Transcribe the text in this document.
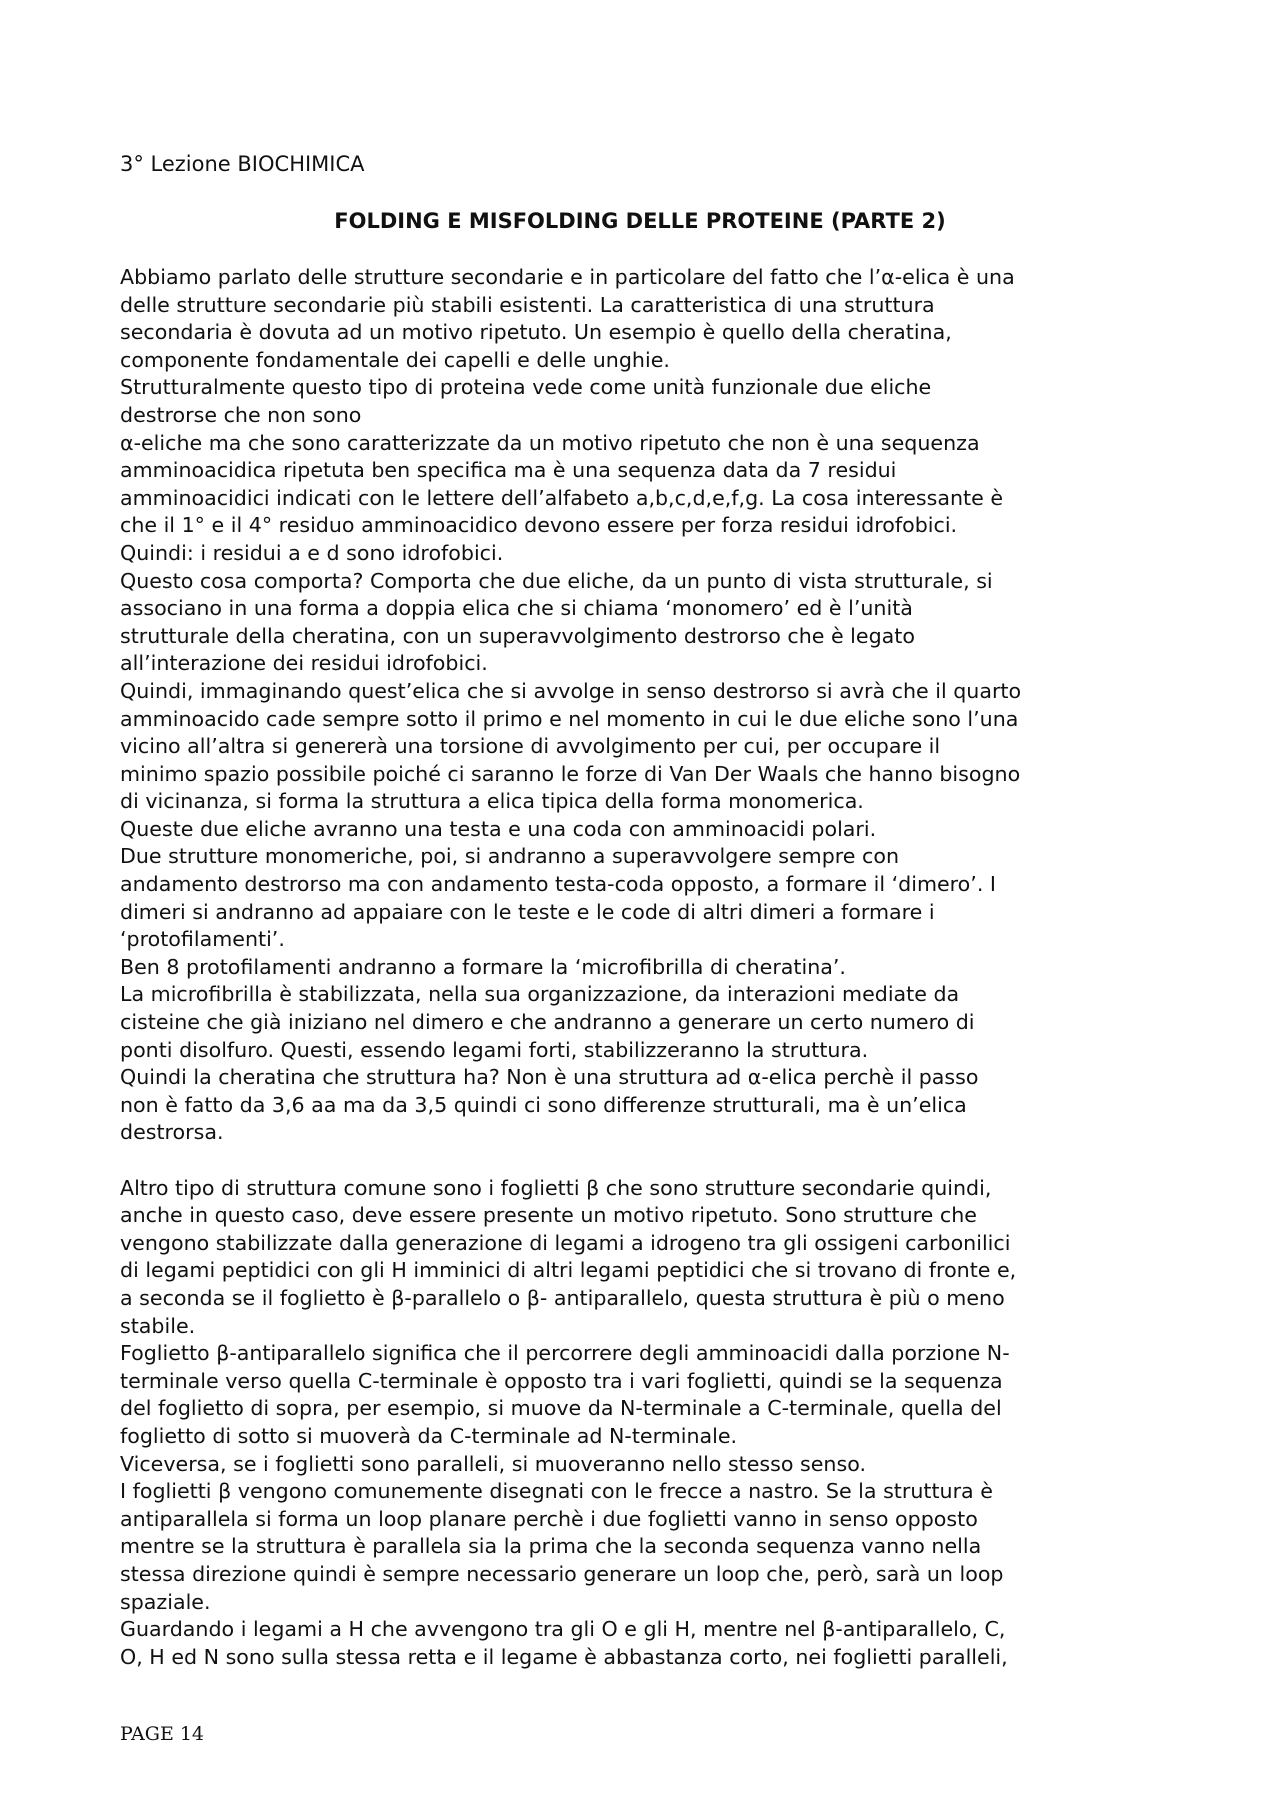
3° Lezione BIOCHIMICA

FOLDING E MISFOLDING DELLE PROTEINE (PARTE 2)

Abbiamo parlato delle strutture secondarie e in particolare del fatto che l’α-elica è una

delle strutture secondarie più stabili esistenti. La caratteristica di una struttura

secondaria è dovuta ad un motivo ripetuto. Un esempio è quello della cheratina,

componente fondamentale dei capelli e delle unghie.

Strutturalmente questo tipo di proteina vede come unità funzionale due eliche

destrorse che non sono

α-eliche ma che sono caratterizzate da un motivo ripetuto che non è una sequenza

amminoacidica ripetuta ben specifica ma è una sequenza data da 7 residui

amminoacidici indicati con le lettere dell’alfabeto a,b,c,d,e,f,g. La cosa interessante è

che il 1° e il 4° residuo amminoacidico devono essere per forza residui idrofobici.

Quindi: i residui a e d sono idrofobici.

Questo cosa comporta? Comporta che due eliche, da un punto di vista strutturale, si

associano in una forma a doppia elica che si chiama ‘monomero’ ed è l’unità

strutturale della cheratina, con un superavvolgimento destrorso che è legato

all’interazione dei residui idrofobici.

Quindi, immaginando quest’elica che si avvolge in senso destrorso si avrà che il quarto

amminoacido cade sempre sotto il primo e nel momento in cui le due eliche sono l’una

vicino all’altra si genererà una torsione di avvolgimento per cui, per occupare il

minimo spazio possibile poiché ci saranno le forze di Van Der Waals che hanno bisogno

di vicinanza, si forma la struttura a elica tipica della forma monomerica.

Queste due eliche avranno una testa e una coda con amminoacidi polari.

Due strutture monomeriche, poi, si andranno a superavvolgere sempre con

andamento destrorso ma con andamento testa-coda opposto, a formare il ‘dimero’. I

dimeri si andranno ad appaiare con le teste e le code di altri dimeri a formare i

‘protofilamenti’.

Ben 8 protofilamenti andranno a formare la ‘microfibrilla di cheratina’.

La microfibrilla è stabilizzata, nella sua organizzazione, da interazioni mediate da

cisteine che già iniziano nel dimero e che andranno a generare un certo numero di

ponti disolfuro. Questi, essendo legami forti, stabilizzeranno la struttura.

Quindi la cheratina che struttura ha? Non è una struttura ad α-elica perchè il passo

non è fatto da 3,6 aa ma da 3,5 quindi ci sono differenze strutturali, ma è un’elica

destrorsa.

Altro tipo di struttura comune sono i foglietti β che sono strutture secondarie quindi,

anche in questo caso, deve essere presente un motivo ripetuto. Sono strutture che

vengono stabilizzate dalla generazione di legami a idrogeno tra gli ossigeni carbonilici

di legami peptidici con gli H imminici di altri legami peptidici che si trovano di fronte e,

a seconda se il foglietto è β-parallelo o β- antiparallelo, questa struttura è più o meno

stabile.

Foglietto β-antiparallelo significa che il percorrere degli amminoacidi dalla porzione N-

terminale verso quella C-terminale è opposto tra i vari foglietti, quindi se la sequenza

del foglietto di sopra, per esempio, si muove da N-terminale a C-terminale, quella del

foglietto di sotto si muoverà da C-terminale ad N-terminale.

Viceversa, se i foglietti sono paralleli, si muoveranno nello stesso senso.

I foglietti β vengono comunemente disegnati con le frecce a nastro. Se la struttura è

antiparallela si forma un loop planare perchè i due foglietti vanno in senso opposto

mentre se la struttura è parallela sia la prima che la seconda sequenza vanno nella

stessa direzione quindi è sempre necessario generare un loop che, però, sarà un loop

spaziale.

Guardando i legami a H che avvengono tra gli O e gli H, mentre nel β-antiparallelo, C,

O, H ed N sono sulla stessa retta e il legame è abbastanza corto, nei foglietti paralleli,

PAGE 14
